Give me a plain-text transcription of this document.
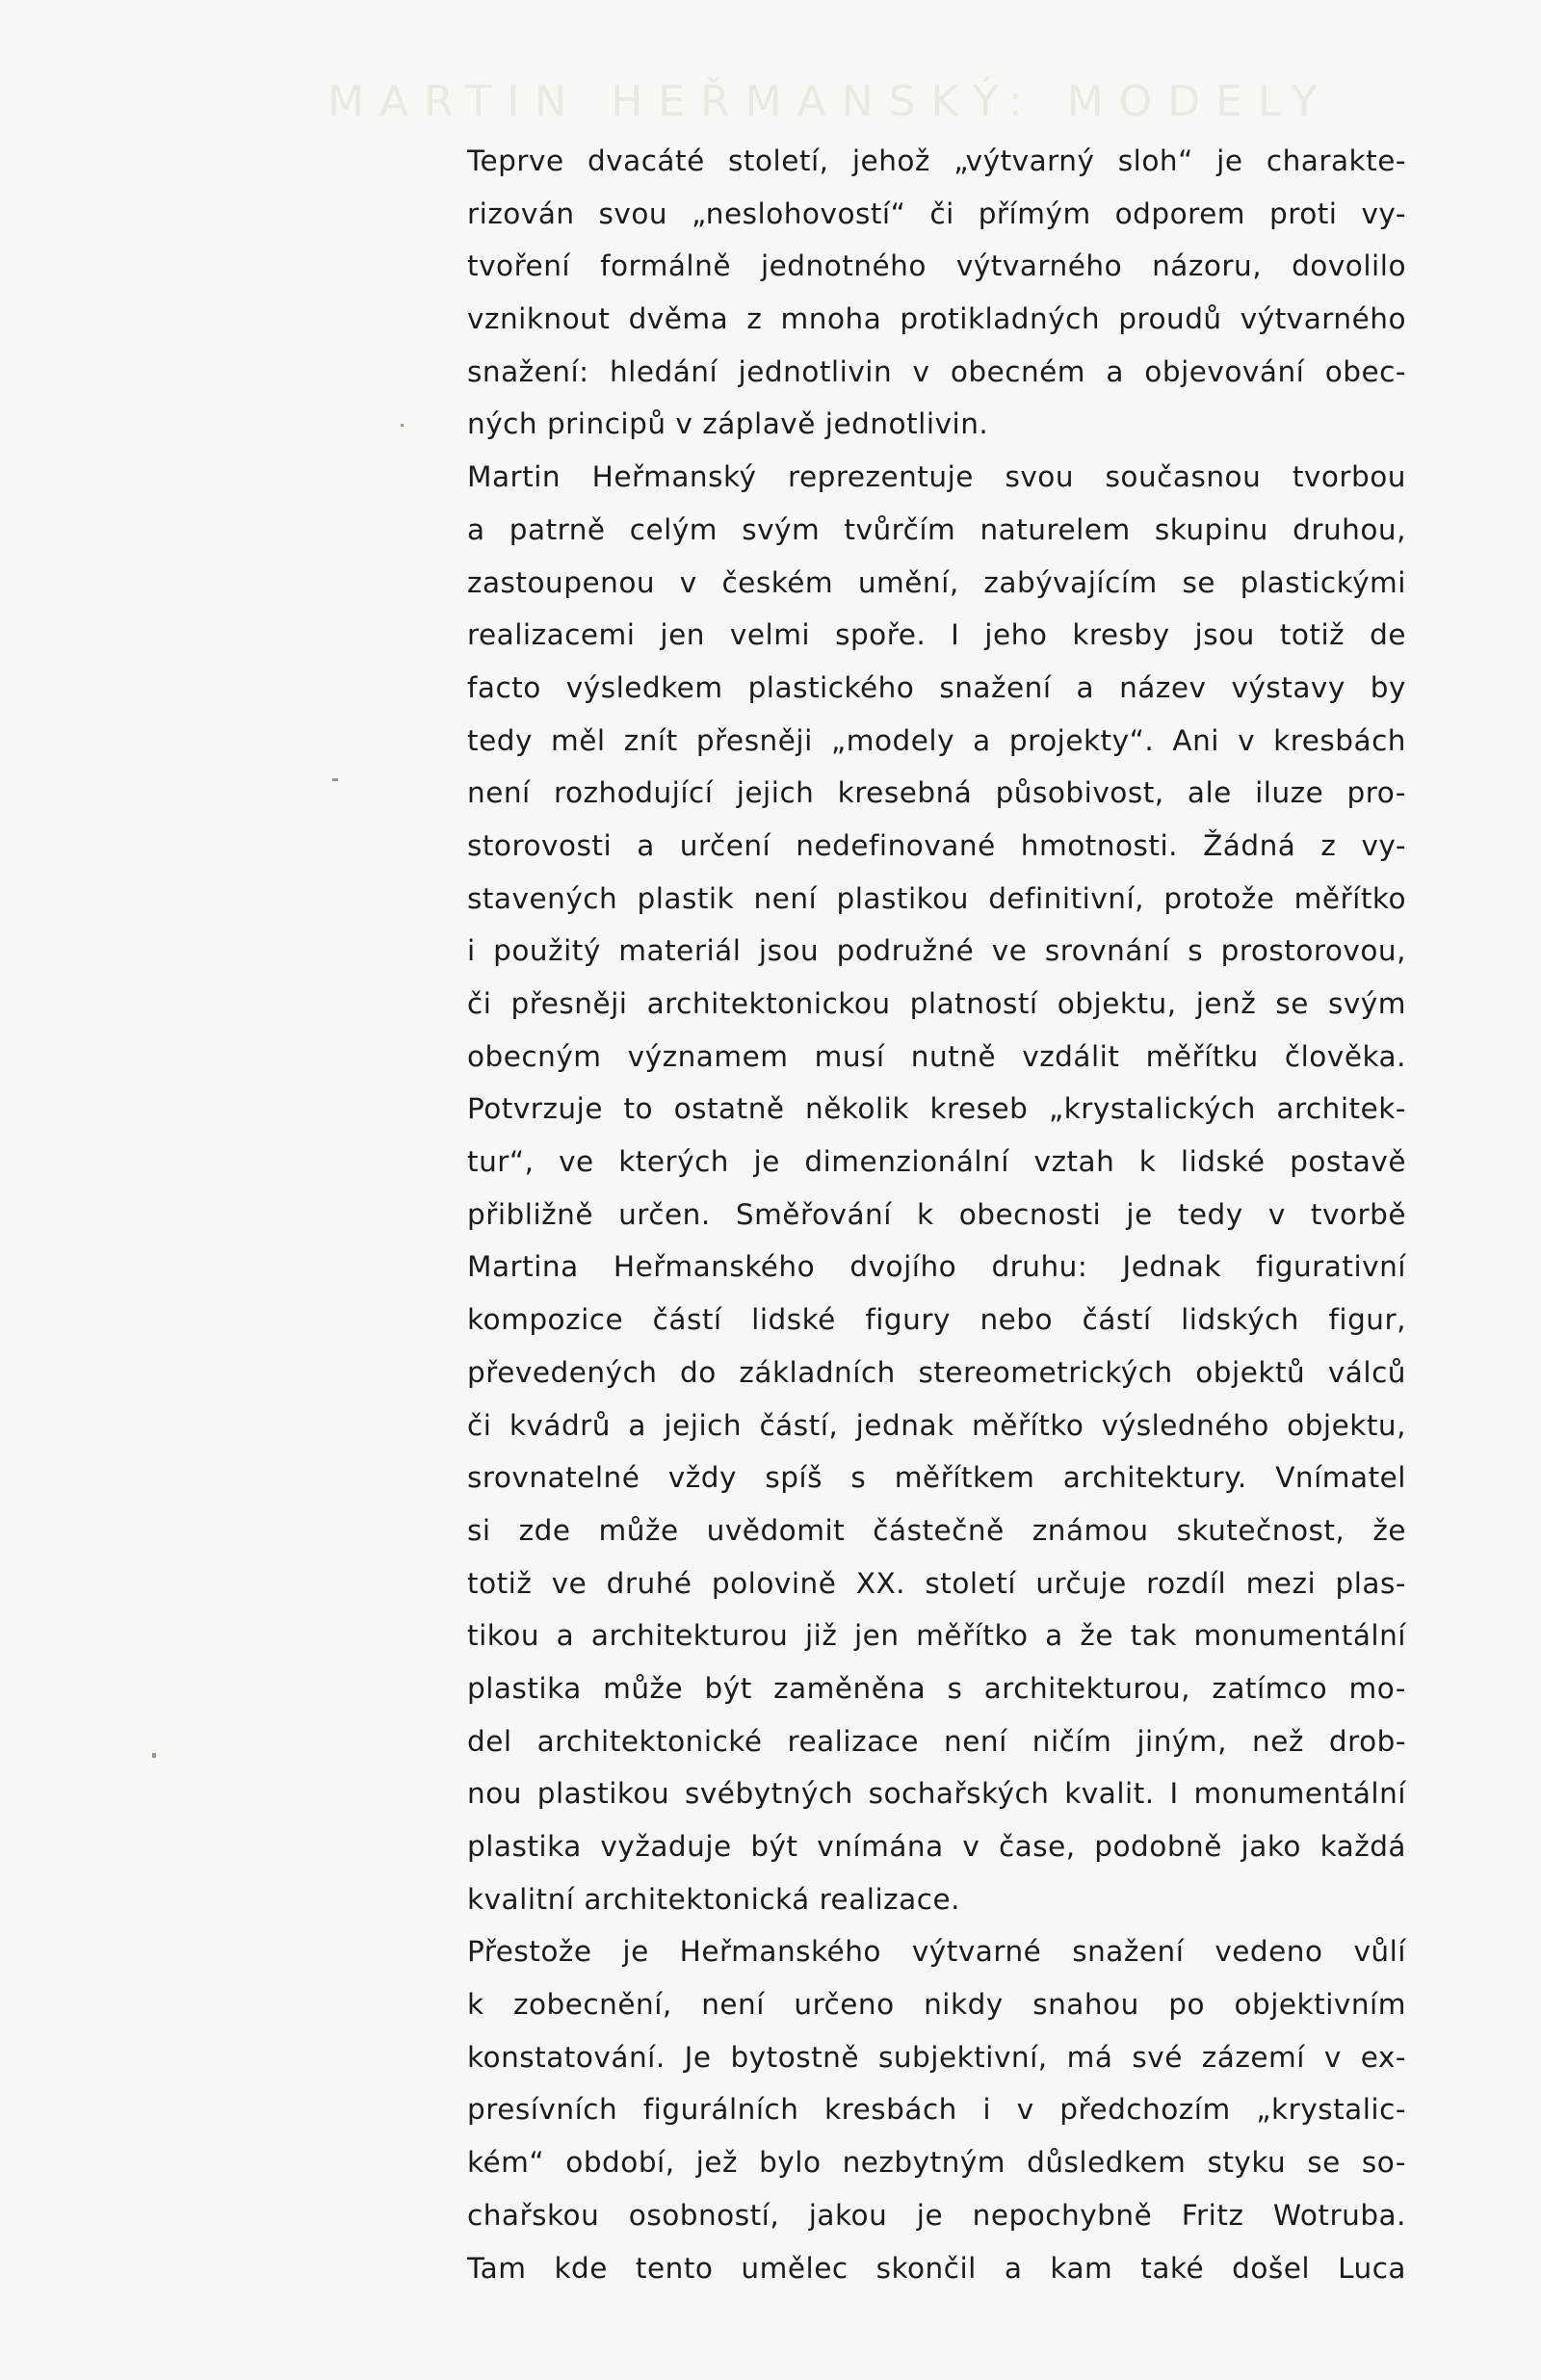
MARTIN HEŘMANSKÝ: MODELY
Teprve dvacáté století, jehož „výtvarný sloh“ je charakte-
rizován svou „neslohovostí“ či přímým odporem proti vy-
tvoření formálně jednotného výtvarného názoru, dovolilo
vzniknout dvěma z mnoha protikladných proudů výtvarného
snažení: hledání jednotlivin v obecném a objevování obec-
ných principů v záplavě jednotlivin.
Martin Heřmanský reprezentuje svou současnou tvorbou
a patrně celým svým tvůrčím naturelem skupinu druhou,
zastoupenou v českém umění, zabývajícím se plastickými
realizacemi jen velmi spoře. I jeho kresby jsou totiž de
facto výsledkem plastického snažení a název výstavy by
tedy měl znít přesněji „modely a projekty“. Ani v kresbách
není rozhodující jejich kresebná působivost, ale iluze pro-
storovosti a určení nedefinované hmotnosti. Žádná z vy-
stavených plastik není plastikou definitivní, protože měřítko
i použitý materiál jsou podružné ve srovnání s prostorovou,
či přesněji architektonickou platností objektu, jenž se svým
obecným významem musí nutně vzdálit měřítku člověka.
Potvrzuje to ostatně několik kreseb „krystalických architek-
tur“, ve kterých je dimenzionální vztah k lidské postavě
přibližně určen. Směřování k obecnosti je tedy v tvorbě
Martina Heřmanského dvojího druhu: Jednak figurativní
kompozice částí lidské figury nebo částí lidských figur,
převedených do základních stereometrických objektů válců
či kvádrů a jejich částí, jednak měřítko výsledného objektu,
srovnatelné vždy spíš s měřítkem architektury. Vnímatel
si zde může uvědomit částečně známou skutečnost, že
totiž ve druhé polovině XX. století určuje rozdíl mezi plas-
tikou a architekturou již jen měřítko a že tak monumentální
plastika může být zaměněna s architekturou, zatímco mo-
del architektonické realizace není ničím jiným, než drob-
nou plastikou svébytných sochařských kvalit. I monumentální
plastika vyžaduje být vnímána v čase, podobně jako každá
kvalitní architektonická realizace.
Přestože je Heřmanského výtvarné snažení vedeno vůlí
k zobecnění, není určeno nikdy snahou po objektivním
konstatování. Je bytostně subjektivní, má své zázemí v ex-
presívních figurálních kresbách i v předchozím „krystalic-
kém“ období, jež bylo nezbytným důsledkem styku se so-
chařskou osobností, jakou je nepochybně Fritz Wotruba.
Tam kde tento umělec skončil a kam také došel Luca
